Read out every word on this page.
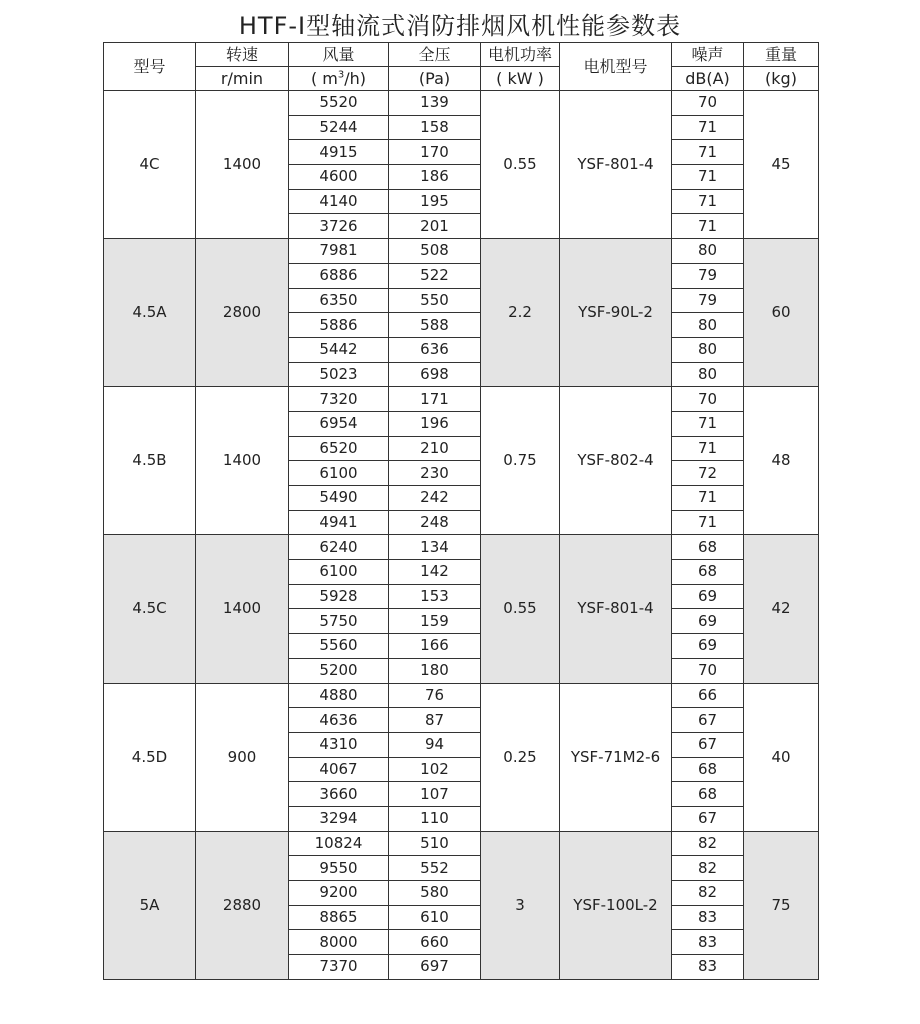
HTF-I型轴流式消防排烟风机性能参数表
型号	转速	风量	全压	电机功率	电机型号	噪声	重量
	r/min	( $m^3/h$)	(Pa)	( kW )		dB(A)	(kg)
4C	1400	5520	139	0.55	YSF-801-4	70	45
		5244	158			71	
		4915	170			71	
		4600	186			71	
		4140	195			71	
		3726	201			71	
4.5A	2800	7981	508	2.2	YSF-90L-2	80	60
		6886	522			79	
		6350	550			79	
		5886	588			80	
		5442	636			80	
		5023	698			80	
4.5B	1400	7320	171	0.75	YSF-802-4	70	48
		6954	196			71	
		6520	210			71	
		6100	230			72	
		5490	242			71	
		4941	248			71	
4.5C	1400	6240	134	0.55	YSF-801-4	68	42
		6100	142			68	
		5928	153			69	
		5750	159			69	
		5560	166			69	
		5200	180			70	
4.5D	900	4880	76	0.25	YSF-71M2-6	66	40
		4636	87			67	
		4310	94			67	
		4067	102			68	
		3660	107			68	
		3294	110			67	
5A	2880	10824	510	3	YSF-100L-2	82	75
		9550	552			82	
		9200	580			82	
		8865	610			83	
		8000	660			83	
		7370	697			83	
